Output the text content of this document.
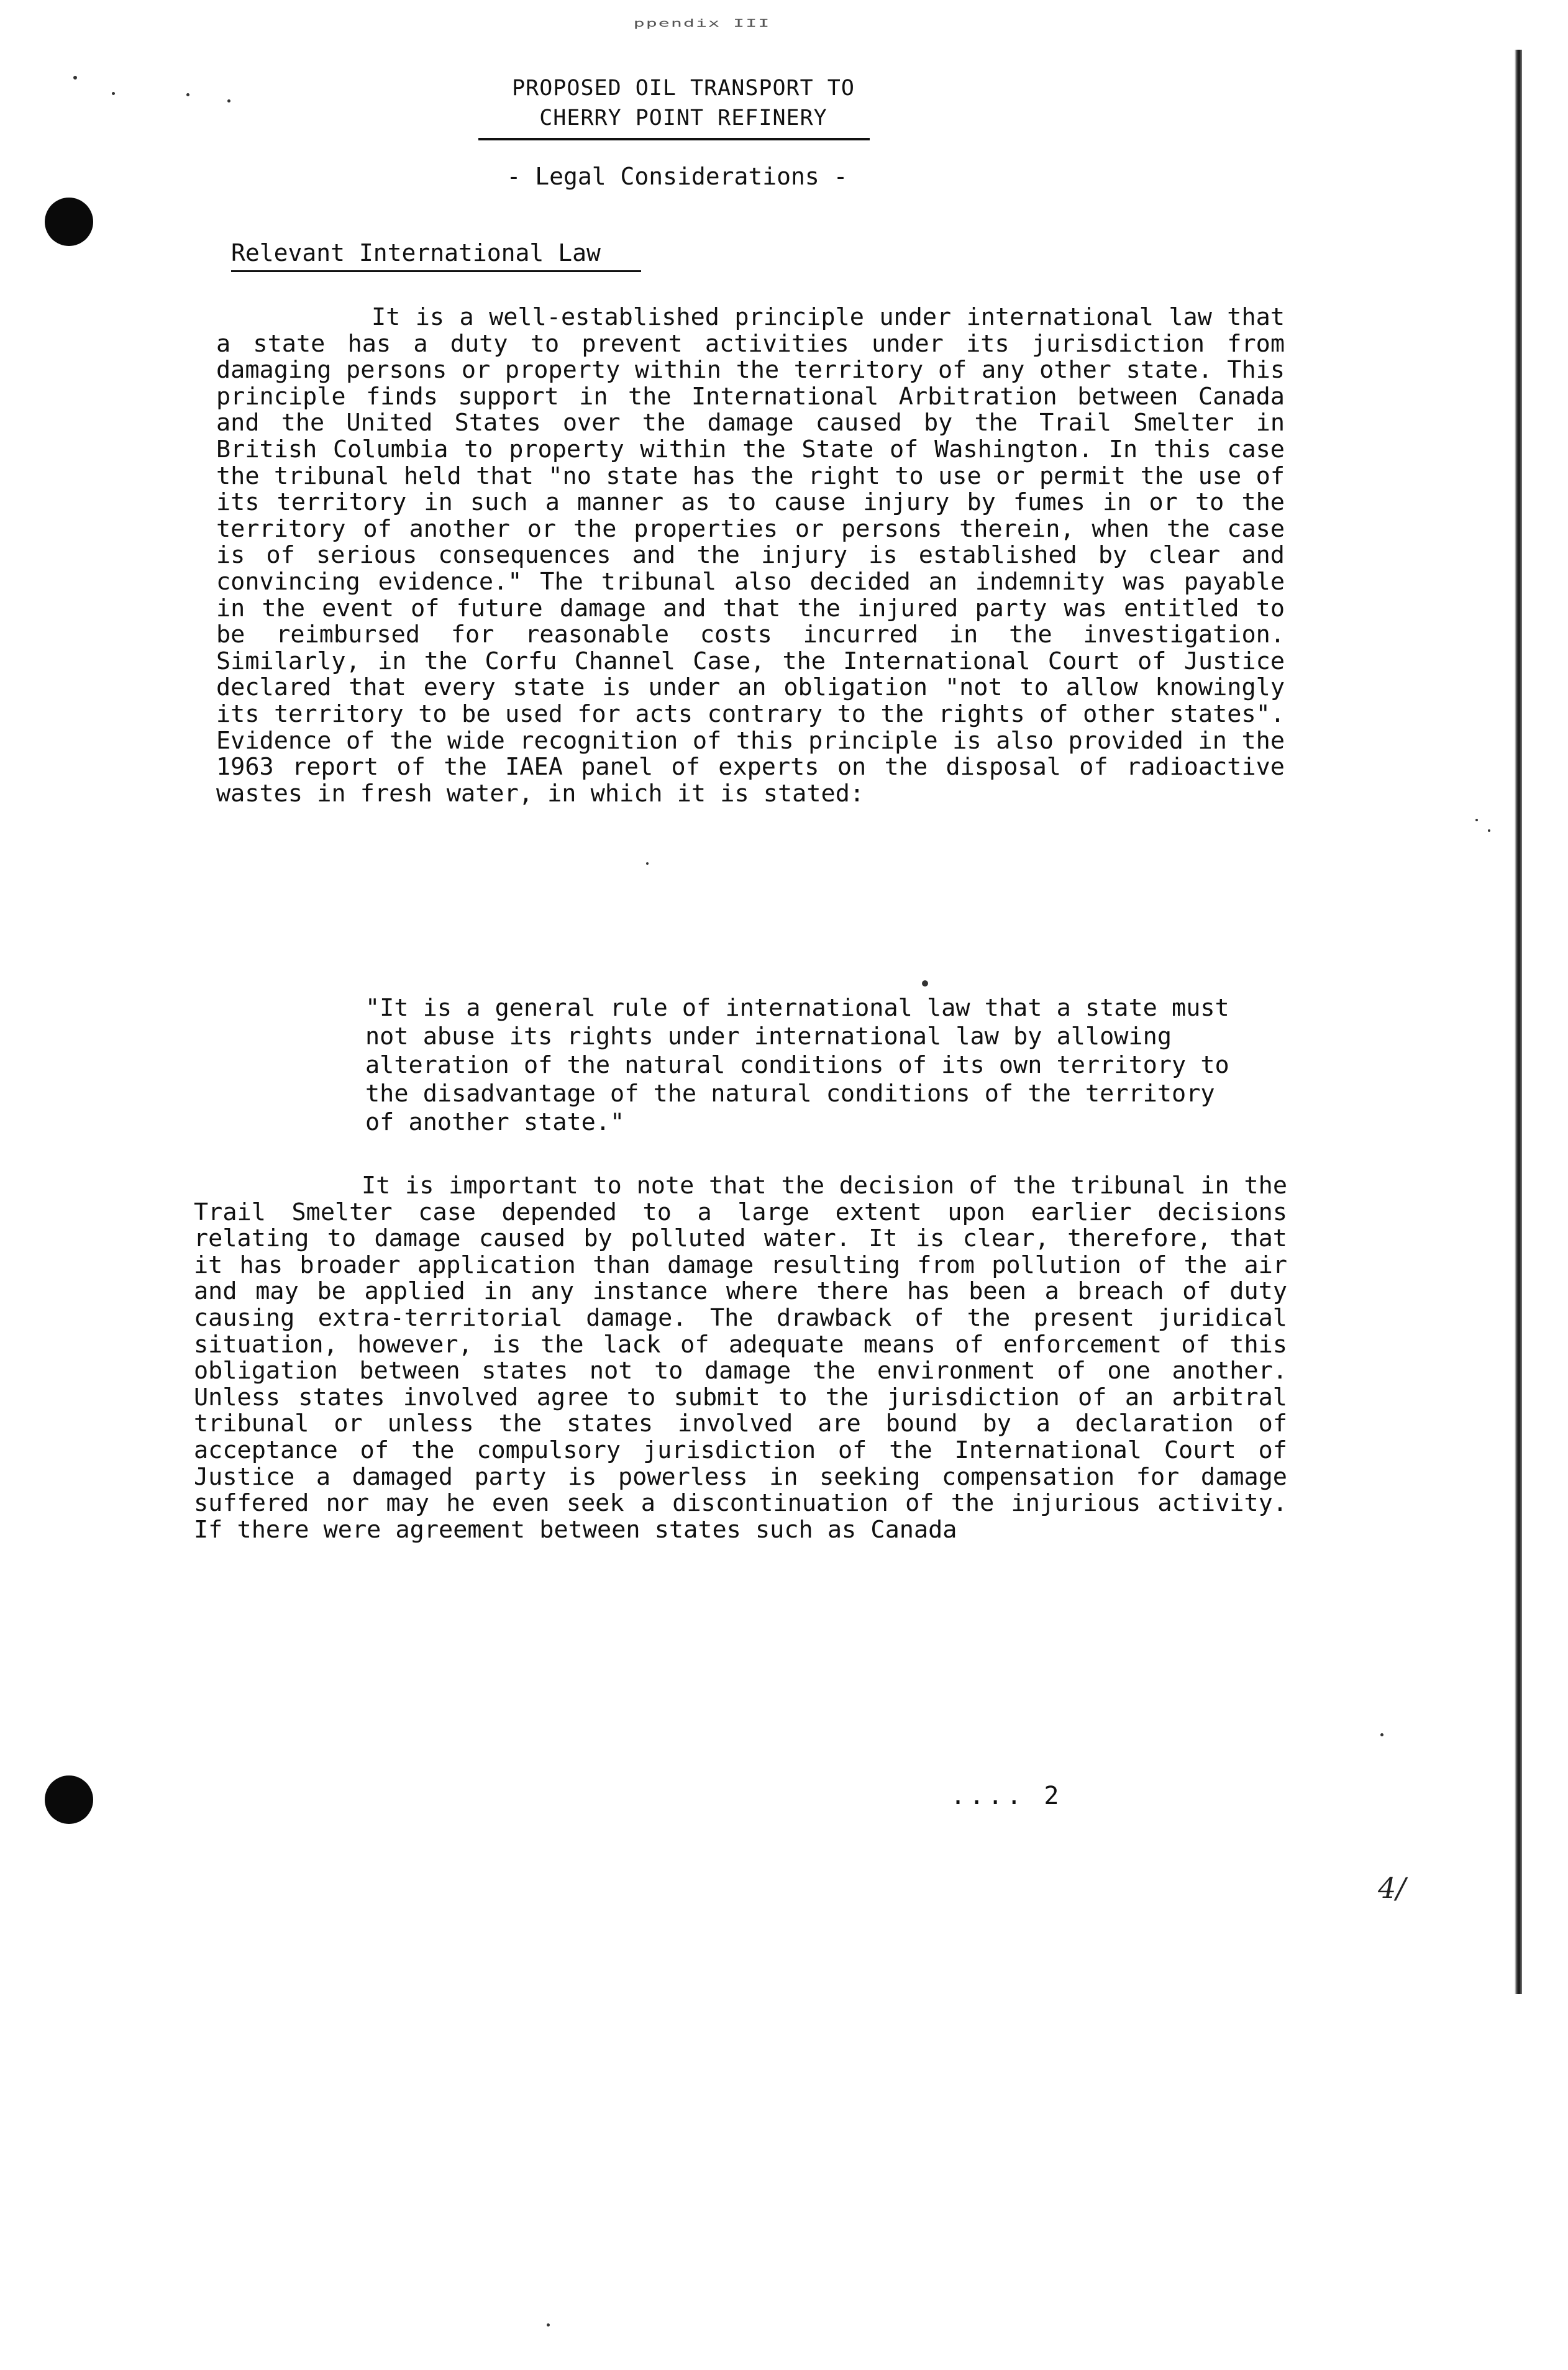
ppendix III
PROPOSED OIL TRANSPORT TO
CHERRY POINT REFINERY
- Legal Considerations -
Relevant International Law

It is a well-established principle under international law that a state has a duty to prevent activities under its jurisdiction from damaging persons or property within the territory of any other state. This principle finds support in the International Arbitration between Canada and the United States over the damage caused by the Trail Smelter in British Columbia to property within the State of Washington. In this case the tribunal held that "no state has the right to use or permit the use of its territory in such a manner as to cause injury by fumes in or to the territory of another or the properties or persons therein, when the case is of serious consequences and the injury is established by clear and convincing evidence." The tribunal also decided an indemnity was payable in the event of future damage and that the injured party was entitled to be reimbursed for reasonable costs incurred in the investigation. Similarly, in the Corfu Channel Case, the International Court of Justice declared that every state is under an obligation "not to allow knowingly its territory to be used for acts contrary to the rights of other states". Evidence of the wide recognition of this principle is also provided in the 1963 report of the IAEA panel of experts on the disposal of radioactive wastes in fresh water, in which it is stated:

"It is a general rule of international law that a state must not abuse its rights under international law by allowing alteration of the natural conditions of its own territory to the disadvantage of the natural conditions of the territory of another state."

It is important to note that the decision of the tribunal in the Trail Smelter case depended to a large extent upon earlier decisions relating to damage caused by polluted water. It is clear, therefore, that it has broader application than damage resulting from pollution of the air and may be applied in any instance where there has been a breach of duty causing extra-territorial damage. The drawback of the present juridical situation, however, is the lack of adequate means of enforcement of this obligation between states not to damage the environment of one another. Unless states involved agree to submit to the jurisdiction of an arbitral tribunal or unless the states involved are bound by a declaration of acceptance of the compulsory jurisdiction of the International Court of Justice a damaged party is powerless in seeking compensation for damage suffered nor may he even seek a discontinuation of the injurious activity. If there were agreement between states such as Canada

.... 2
4/
